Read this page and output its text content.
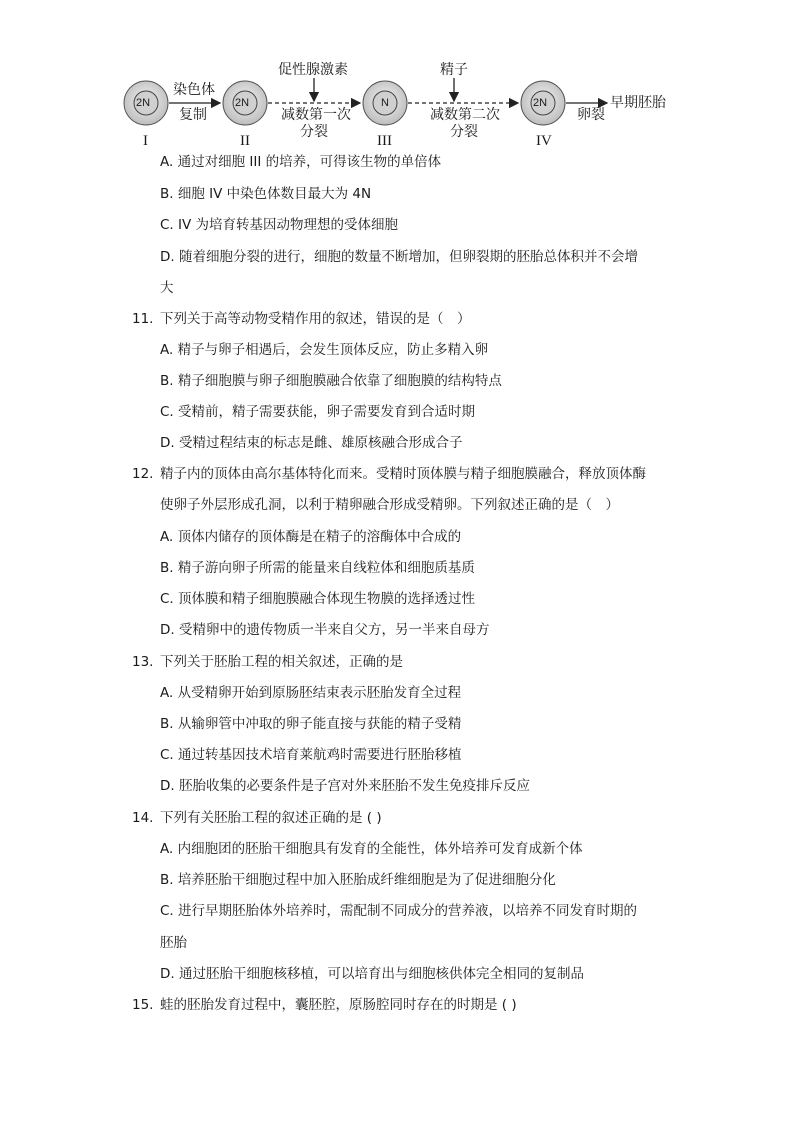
2N	2N	N	2N
I	II	III	IV
染色体
复制
促性腺激素
减数第一次
分裂
精子
减数第二次
分裂
卵裂
早期胚胎
A. 通过对细胞 III 的培养，可得该生物的单倍体
B. 细胞 IV 中染色体数目最大为 4N
C. IV 为培育转基因动物理想的受体细胞
D. 随着细胞分裂的进行，细胞的数量不断增加，但卵裂期的胚胎总体积并不会增
大
11. 下列关于高等动物受精作用的叙述，错误的是（　）
A. 精子与卵子相遇后，会发生顶体反应，防止多精入卵
B. 精子细胞膜与卵子细胞膜融合依靠了细胞膜的结构特点
C. 受精前，精子需要获能，卵子需要发育到合适时期
D. 受精过程结束的标志是雌、雄原核融合形成合子
12. 精子内的顶体由高尔基体特化而来。受精时顶体膜与精子细胞膜融合，释放顶体酶
使卵子外层形成孔洞，以利于精卵融合形成受精卵。下列叙述正确的是（　）
A. 顶体内储存的顶体酶是在精子的溶酶体中合成的
B. 精子游向卵子所需的能量来自线粒体和细胞质基质
C. 顶体膜和精子细胞膜融合体现生物膜的选择透过性
D. 受精卵中的遗传物质一半来自父方，另一半来自母方
13. 下列关于胚胎工程的相关叙述，正确的是
A. 从受精卵开始到原肠胚结束表示胚胎发育全过程
B. 从输卵管中冲取的卵子能直接与获能的精子受精
C. 通过转基因技术培育莱航鸡时需要进行胚胎移植
D. 胚胎收集的必要条件是子宫对外来胚胎不发生免疫排斥反应
14. 下列有关胚胎工程的叙述正确的是 ( )
A. 内细胞团的胚胎干细胞具有发育的全能性，体外培养可发育成新个体
B. 培养胚胎干细胞过程中加入胚胎成纤维细胞是为了促进细胞分化
C. 进行早期胚胎体外培养时，需配制不同成分的营养液，以培养不同发育时期的
胚胎
D. 通过胚胎干细胞核移植，可以培育出与细胞核供体完全相同的复制品
15. 蛙的胚胎发育过程中，囊胚腔，原肠腔同时存在的时期是 ( )
